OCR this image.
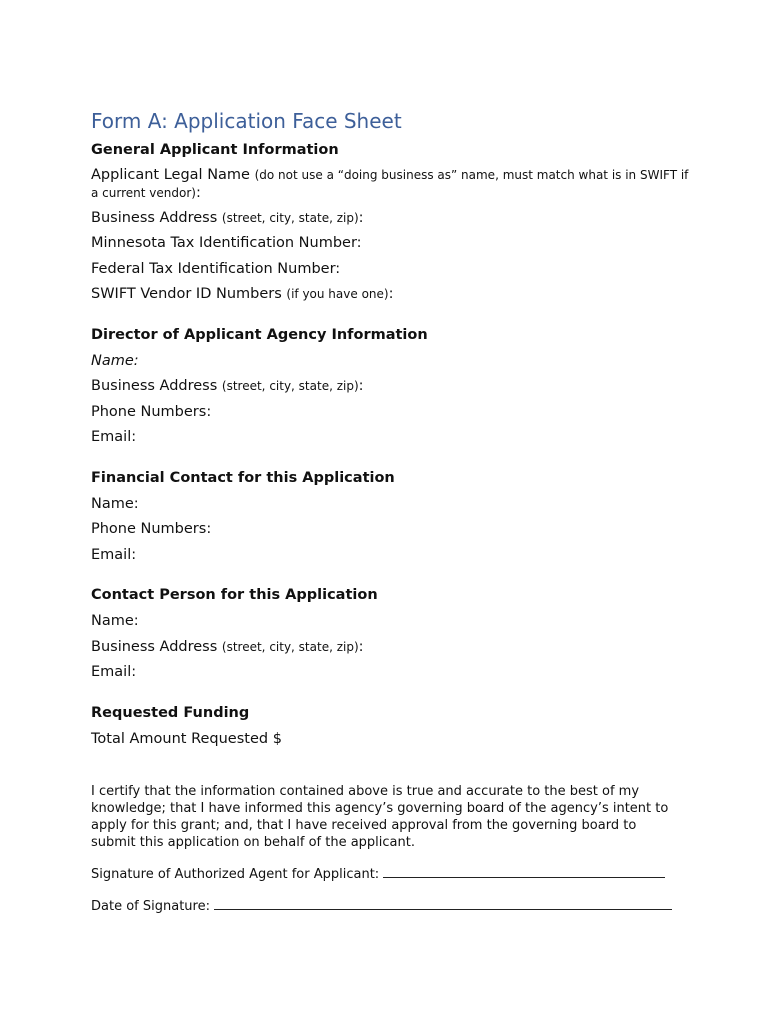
Form A: Application Face Sheet
General Applicant Information
Applicant Legal Name (do not use a “doing business as” name, must match what is in SWIFT if a current vendor):
Business Address (street, city, state, zip):
Minnesota Tax Identification Number:
Federal Tax Identification Number:
SWIFT Vendor ID Numbers (if you have one):
Director of Applicant Agency Information
Name:
Business Address (street, city, state, zip):
Phone Numbers:
Email:
Financial Contact for this Application
Name:
Phone Numbers:
Email:
Contact Person for this Application
Name:
Business Address (street, city, state, zip):
Email:
Requested Funding
Total Amount Requested $
I certify that the information contained above is true and accurate to the best of my knowledge; that I have informed this agency’s governing board of the agency’s intent to apply for this grant; and, that I have received approval from the governing board to submit this application on behalf of the applicant.
Signature of Authorized Agent for Applicant:
Date of Signature:
